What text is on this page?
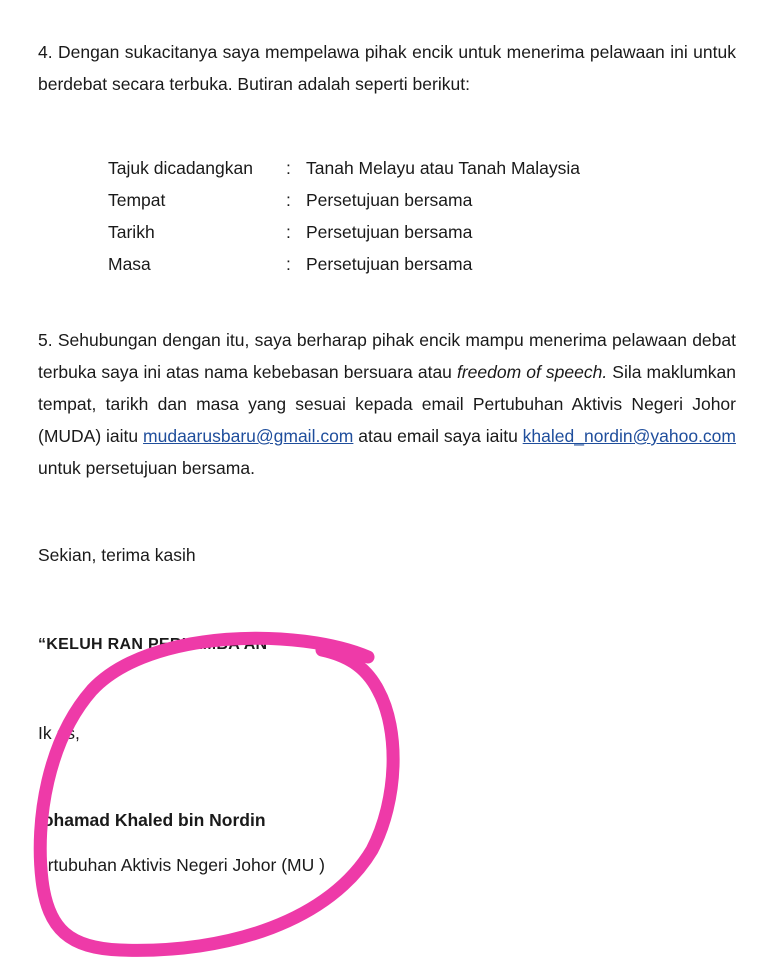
4. Dengan sukacitanya saya mempelawa pihak encik untuk menerima pelawaan ini untuk berdebat secara terbuka. Butiran adalah seperti berikut:

Tajuk dicadangkan : Tanah Melayu atau Tanah Malaysia
Tempat	: Persetujuan bersama
Tarikh	: Persetujuan bersama
Masa	: Persetujuan bersama

5. Sehubungan dengan itu, saya berharap pihak encik mampu menerima pelawaan debat terbuka saya ini atas nama kebebasan bersuara atau freedom of speech. Sila maklumkan tempat, tarikh dan masa yang sesuai kepada email Pertubuhan Aktivis Negeri Johor (MUDA) iaitu mudaarusbaru@gmail.com atau email saya iaitu khaled_nordin@yahoo.com untuk persetujuan bersama.

Sekian, terima kasih
“KELUH RAN PERLEMBA AN”
Ik as,
lohamad Khaled bin Nordin
ertubuhan Aktivis Negeri Johor (MU )
